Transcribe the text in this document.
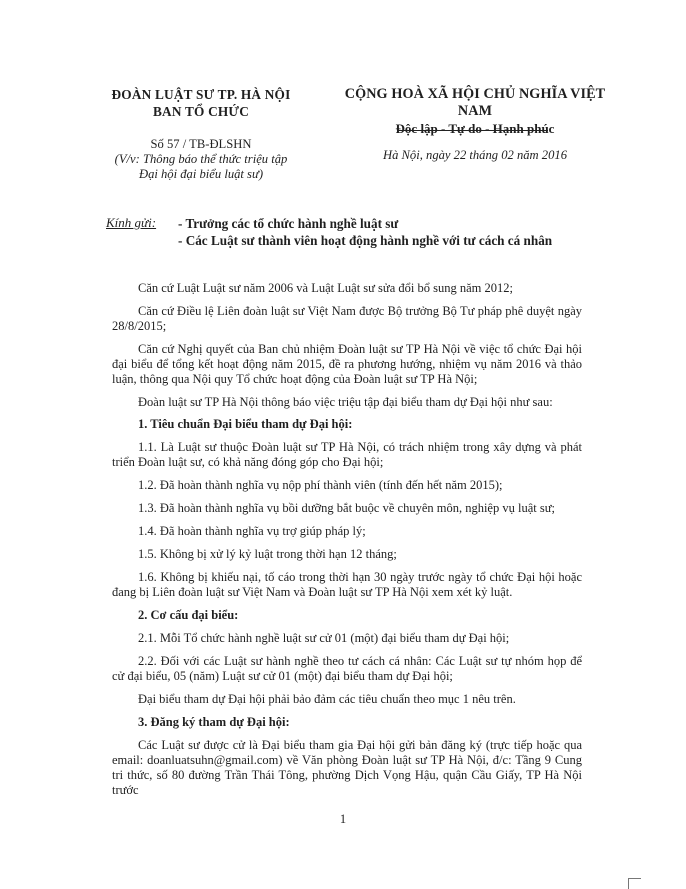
ĐOÀN LUẬT SƯ TP. HÀ NỘI
BAN TỔ CHỨC
CỘNG HOÀ XÃ HỘI CHỦ NGHĨA VIỆT NAM
Độc lập - Tự do - Hạnh phúc
Số 57 / TB-ĐLSHN
(V/v: Thông báo thể thức triệu tập
Đại hội đại biểu luật sư)
Hà Nội, ngày 22 tháng 02 năm 2016
Kính gửi: - Trưởng các tổ chức hành nghề luật sư
- Các Luật sư thành viên hoạt động hành nghề với tư cách cá nhân

Căn cứ Luật Luật sư năm 2006 và Luật Luật sư sửa đổi bổ sung năm 2012;

Căn cứ Điều lệ Liên đoàn luật sư Việt Nam được Bộ trưởng Bộ Tư pháp phê duyệt ngày 28/8/2015;

Căn cứ Nghị quyết của Ban chủ nhiệm Đoàn luật sư TP Hà Nội về việc tổ chức Đại hội đại biểu để tổng kết hoạt động năm 2015, đề ra phương hướng, nhiệm vụ năm 2016 và thảo luận, thông qua Nội quy Tổ chức hoạt động của Đoàn luật sư TP Hà Nội;

Đoàn luật sư TP Hà Nội thông báo việc triệu tập đại biểu tham dự Đại hội như sau:

1. Tiêu chuẩn Đại biểu tham dự Đại hội:

1.1. Là Luật sư thuộc Đoàn luật sư TP Hà Nội, có trách nhiệm trong xây dựng và phát triển Đoàn luật sư, có khả năng đóng góp cho Đại hội;

1.2. Đã hoàn thành nghĩa vụ nộp phí thành viên (tính đến hết năm 2015);

1.3. Đã hoàn thành nghĩa vụ bồi dưỡng bắt buộc về chuyên môn, nghiệp vụ luật sư;

1.4. Đã hoàn thành nghĩa vụ trợ giúp pháp lý;

1.5. Không bị xử lý kỷ luật trong thời hạn 12 tháng;

1.6. Không bị khiếu nại, tố cáo trong thời hạn 30 ngày trước ngày tổ chức Đại hội hoặc đang bị Liên đoàn luật sư Việt Nam và Đoàn luật sư TP Hà Nội xem xét kỷ luật.

2. Cơ cấu đại biểu:

2.1. Mỗi Tổ chức hành nghề luật sư cử 01 (một) đại biểu tham dự Đại hội;

2.2. Đối với các Luật sư hành nghề theo tư cách cá nhân: Các Luật sư tự nhóm họp để cử đại biểu, 05 (năm) Luật sư cử 01 (một) đại biểu tham dự Đại hội;

Đại biểu tham dự Đại hội phải bảo đảm các tiêu chuẩn theo mục 1 nêu trên.

3. Đăng ký tham dự Đại hội:

Các Luật sư được cử là Đại biểu tham gia Đại hội gửi bản đăng ký (trực tiếp hoặc qua email: doanluatsuhn@gmail.com) về Văn phòng Đoàn luật sư TP Hà Nội, đ/c: Tầng 9 Cung tri thức, số 80 đường Trần Thái Tông, phường Dịch Vọng Hậu, quận Cầu Giấy, TP Hà Nội trước

1
